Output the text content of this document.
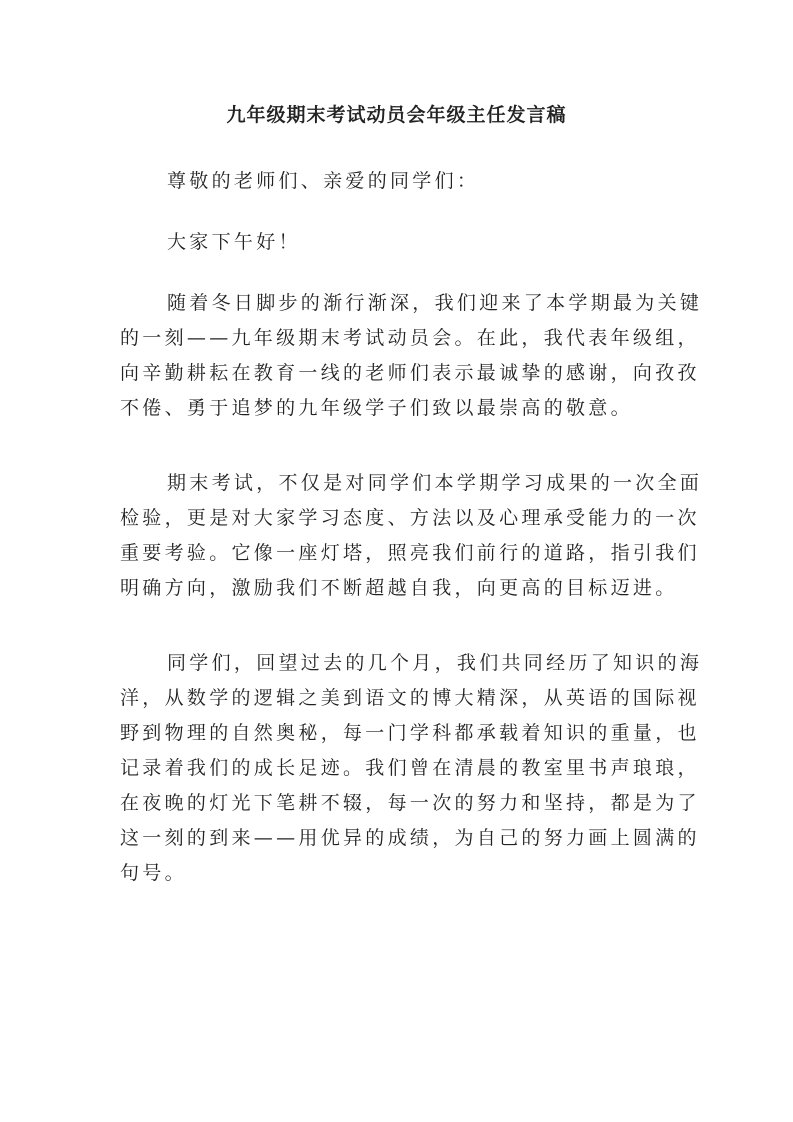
九年级期末考试动员会年级主任发言稿
尊敬的老师们、亲爱的同学们：
大家下午好！
随着冬日脚步的渐行渐深，我们迎来了本学期最为关键
的一刻——九年级期末考试动员会。在此，我代表年级组，
向辛勤耕耘在教育一线的老师们表示最诚挚的感谢，向孜孜
不倦、勇于追梦的九年级学子们致以最崇高的敬意。
期末考试，不仅是对同学们本学期学习成果的一次全面
检验，更是对大家学习态度、方法以及心理承受能力的一次
重要考验。它像一座灯塔，照亮我们前行的道路，指引我们
明确方向，激励我们不断超越自我，向更高的目标迈进。
同学们，回望过去的几个月，我们共同经历了知识的海
洋，从数学的逻辑之美到语文的博大精深，从英语的国际视
野到物理的自然奥秘，每一门学科都承载着知识的重量，也
记录着我们的成长足迹。我们曾在清晨的教室里书声琅琅，
在夜晚的灯光下笔耕不辍，每一次的努力和坚持，都是为了
这一刻的到来——用优异的成绩，为自己的努力画上圆满的
句号。
